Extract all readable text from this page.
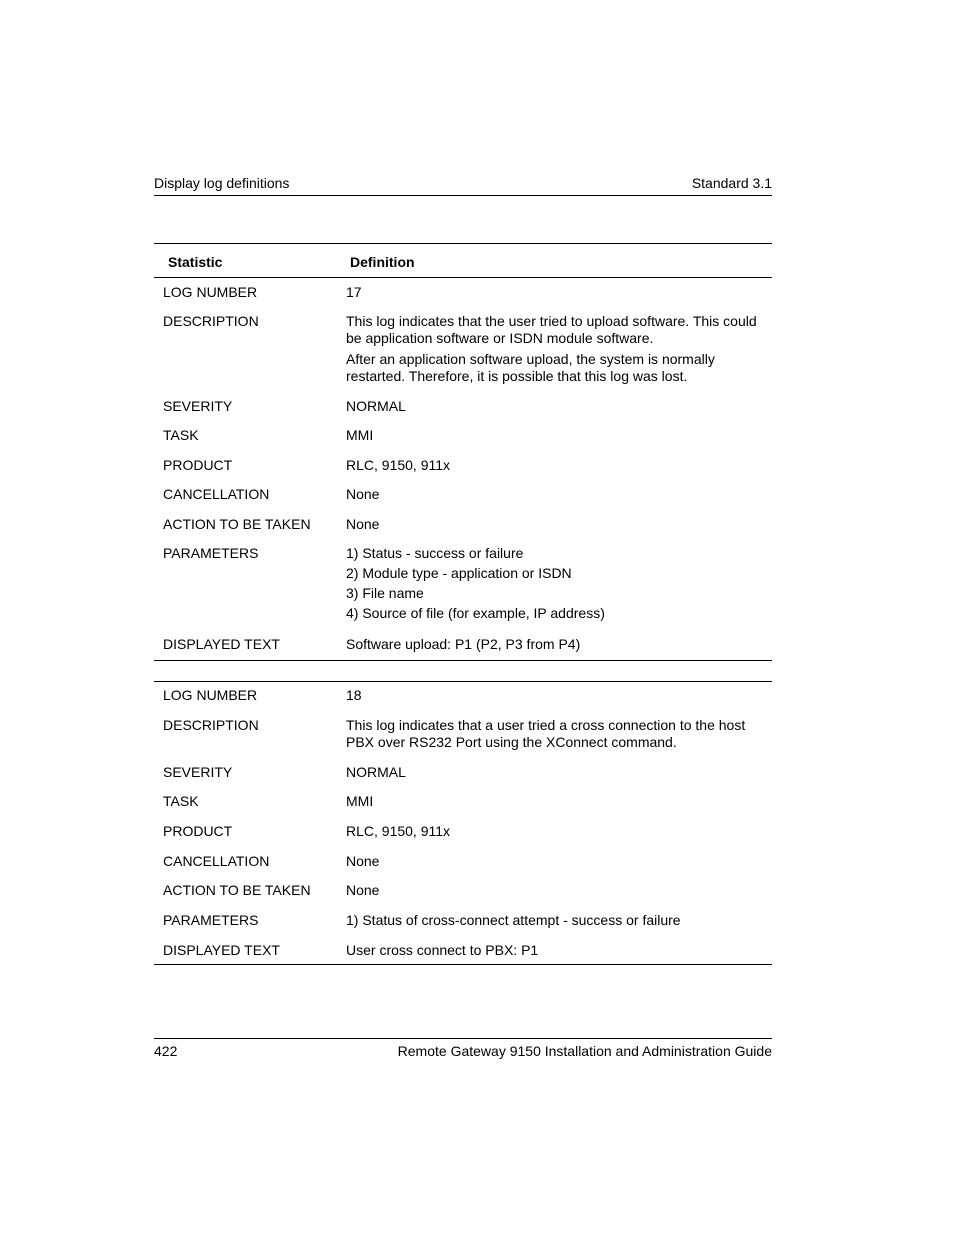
Display log definitions	Standard 3.1
Statistic	Definition
LOG NUMBER	17
DESCRIPTION	This log indicates that the user tried to upload software. This could be application software or ISDN module software.

After an application software upload, the system is normally restarted. Therefore, it is possible that this log was lost.

SEVERITY	NORMAL
TASK	MMI
PRODUCT	RLC, 9150, 911x
CANCELLATION	None
ACTION TO BE TAKEN	None
PARAMETERS	1) Status - success or failure
2) Module type - application or ISDN
3) File name
4) Source of file (for example, IP address)
DISPLAYED TEXT	Software upload: P1 (P2, P3 from P4)
LOG NUMBER	18
DESCRIPTION	This log indicates that a user tried a cross connection to the host PBX over RS232 Port using the XConnect command.

SEVERITY	NORMAL
TASK	MMI
PRODUCT	RLC, 9150, 911x
CANCELLATION	None
ACTION TO BE TAKEN	None
PARAMETERS	1) Status of cross-connect attempt - success or failure
DISPLAYED TEXT	User cross connect to PBX: P1
422	Remote Gateway 9150 Installation and Administration Guide
